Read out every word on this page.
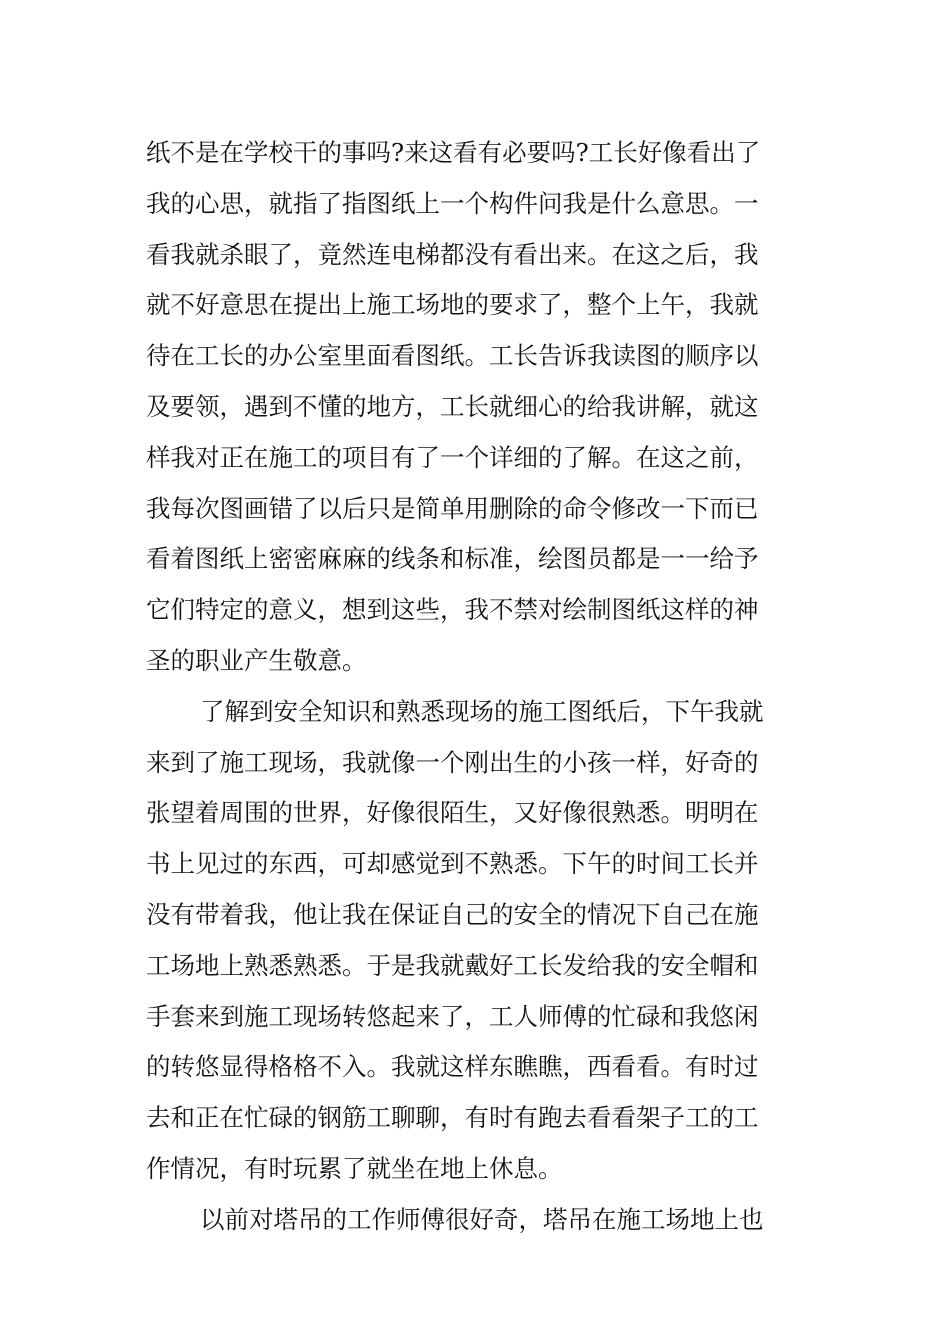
纸不是在学校干的事吗?来这看有必要吗?工长好像看出了
我的心思，就指了指图纸上一个构件问我是什么意思。一
看我就杀眼了，竟然连电梯都没有看出来。在这之后，我
就不好意思在提出上施工场地的要求了，整个上午，我就
待在工长的办公室里面看图纸。工长告诉我读图的顺序以
及要领，遇到不懂的地方，工长就细心的给我讲解，就这
样我对正在施工的项目有了一个详细的了解。在这之前，
我每次图画错了以后只是简单用删除的命令修改一下而已
看着图纸上密密麻麻的线条和标准，绘图员都是一一给予
它们特定的意义，想到这些，我不禁对绘制图纸这样的神
圣的职业产生敬意。
了解到安全知识和熟悉现场的施工图纸后，下午我就
来到了施工现场，我就像一个刚出生的小孩一样，好奇的
张望着周围的世界，好像很陌生，又好像很熟悉。明明在
书上见过的东西，可却感觉到不熟悉。下午的时间工长并
没有带着我，他让我在保证自己的安全的情况下自己在施
工场地上熟悉熟悉。于是我就戴好工长发给我的安全帽和
手套来到施工现场转悠起来了，工人师傅的忙碌和我悠闲
的转悠显得格格不入。我就这样东瞧瞧，西看看。有时过
去和正在忙碌的钢筋工聊聊，有时有跑去看看架子工的工
作情况，有时玩累了就坐在地上休息。
以前对塔吊的工作师傅很好奇，塔吊在施工场地上也
